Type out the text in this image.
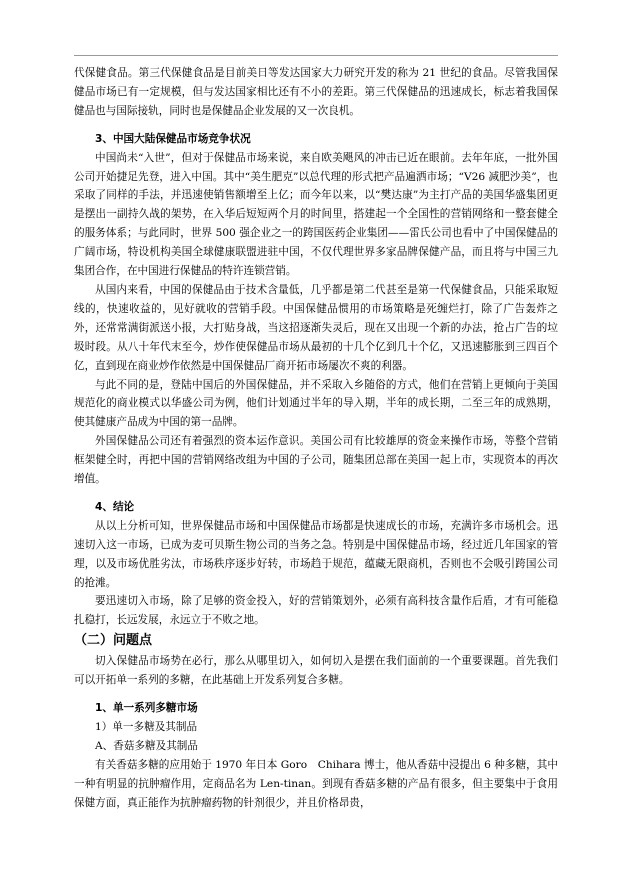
代保健食品。第三代保健食品是目前美日等发达国家大力研究开发的称为 21 世纪的食品。尽管我国保健品市场已有一定规模，但与发达国家相比还有不小的差距。第三代保健品的迅速成长，标志着我国保健品也与国际接轨，同时也是保健品企业发展的又一次良机。

3、中国大陆保健品市场竞争状况

中国尚未“入世”，但对于保健品市场来说，来自欧美飓风的冲击已近在眼前。去年年底，一批外国公司开始捷足先登，进入中国。其中“美生肥克”以总代理的形式把产品遍洒市场；“V26 减肥沙美”，也采取了同样的手法，并迅速使销售额增至上亿；而今年以来，以“樊达康”为主打产品的美国华盛集团更是摆出一副持久战的架势，在入华后短短两个月的时间里，搭建起一个全国性的营销网络和一整套健全的服务体系；与此同时，世界 500 强企业之一的跨国医药企业集团——雷氏公司也看中了中国保健品的广阔市场，特设机构美国全球健康联盟进驻中国，不仅代理世界多家品牌保健产品，而且将与中国三九集团合作，在中国进行保健品的特许连锁营销。

从国内来看，中国的保健品由于技术含量低，几乎都是第二代甚至是第一代保健食品，只能采取短线的，快速收益的，见好就收的营销手段。中国保健品惯用的市场策略是死缠烂打，除了广告轰炸之外，还常常满街派送小报，大打贴身战，当这招逐渐失灵后，现在又出现一个新的办法，抢占广告的垃圾时段。从八十年代末至今，炒作使保健品市场从最初的十几个亿到几十个亿，又迅速膨胀到三四百个亿，直到现在商业炒作依然是中国保健品厂商开拓市场屡次不爽的利器。

与此不同的是，登陆中国后的外国保健品，并不采取入乡随俗的方式，他们在营销上更倾向于美国规范化的商业模式以华盛公司为例，他们计划通过半年的导入期，半年的成长期，二至三年的成熟期，使其健康产品成为中国的第一品牌。

外国保健品公司还有着强烈的资本运作意识。美国公司有比较雄厚的资金来操作市场，等整个营销框架健全时，再把中国的营销网络改组为中国的子公司，随集团总部在美国一起上市，实现资本的再次增值。

4、结论

从以上分析可知，世界保健品市场和中国保健品市场都是快速成长的市场，充满许多市场机会。迅速切入这一市场，已成为麦可贝斯生物公司的当务之急。特别是中国保健品市场，经过近几年国家的管理，以及市场优胜劣汰，市场秩序逐步好转，市场趋于规范，蕴藏无限商机，否则也不会吸引跨国公司的抢滩。

要迅速切入市场，除了足够的资金投入，好的营销策划外，必须有高科技含量作后盾，才有可能稳扎稳打，长远发展，永远立于不败之地。

（二）问题点

切入保健品市场势在必行，那么从哪里切入，如何切入是摆在我们面前的一个重要课题。首先我们可以开拓单一系列的多糖，在此基础上开发系列复合多糖。

1、单一系列多糖市场

1）单一多糖及其制品

A、香菇多糖及其制品

有关香菇多糖的应用始于 1970 年日本 Goro　Chihara 博士，他从香菇中浸提出 6 种多糖，其中一种有明显的抗肿瘤作用，定商品名为 Len-tinan。到现有香菇多糖的产品有很多，但主要集中于食用保健方面，真正能作为抗肿瘤药物的针剂很少，并且价格昂贵，
